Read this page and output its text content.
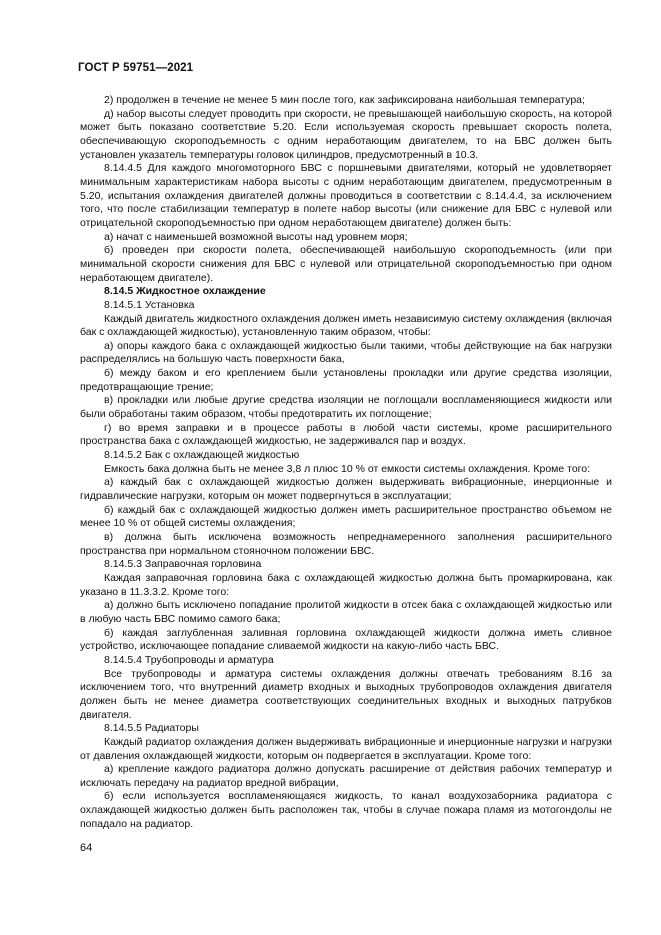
ГОСТ Р 59751—2021

2) продолжен в течение не менее 5 мин после того, как зафиксирована наибольшая температура;

д) набор высоты следует проводить при скорости, не превышающей наибольшую скорость, на которой может быть показано соответствие 5.20. Если используемая скорость превышает скорость полета, обеспечивающую скороподъемность с одним неработающим двигателем, то на БВС должен быть установлен указатель температуры головок цилиндров, предусмотренный в 10.3.

8.14.4.5 Для каждого многомоторного БВС с поршневыми двигателями, который не удовлетворяет минимальным характеристикам набора высоты с одним неработающим двигателем, предусмотренным в 5.20, испытания охлаждения двигателей должны проводиться в соответствии с 8.14.4.4, за исключением того, что после стабилизации температур в полете набор высоты (или снижение для БВС с нулевой или отрицательной скороподъемностью при одном неработающем двигателе) должен быть:

а) начат с наименьшей возможной высоты над уровнем моря;

б) проведен при скорости полета, обеспечивающей наибольшую скороподъемность (или при минимальной скорости снижения для БВС с нулевой или отрицательной скороподъемностью при одном неработающем двигателе).

8.14.5 Жидкостное охлаждение

8.14.5.1 Установка

Каждый двигатель жидкостного охлаждения должен иметь независимую систему охлаждения (включая бак с охлаждающей жидкостью), установленную таким образом, чтобы:

а) опоры каждого бака с охлаждающей жидкостью были такими, чтобы действующие на бак нагрузки распределялись на большую часть поверхности бака,

б) между баком и его креплением были установлены прокладки или другие средства изоляции, предотвращающие трение;

в) прокладки или любые другие средства изоляции не поглощали воспламеняющиеся жидкости или были обработаны таким образом, чтобы предотвратить их поглощение;

г) во время заправки и в процессе работы в любой части системы, кроме расширительного пространства бака с охлаждающей жидкостью, не задерживался пар и воздух.

8.14.5.2 Бак с охлаждающей жидкостью

Емкость бака должна быть не менее 3,8 л плюс 10 % от емкости системы охлаждения. Кроме того:

а) каждый бак с охлаждающей жидкостью должен выдерживать вибрационные, инерционные и гидравлические нагрузки, которым он может подвергнуться в эксплуатации;

б) каждый бак с охлаждающей жидкостью должен иметь расширительное пространство объемом не менее 10 % от общей системы охлаждения;

в) должна быть исключена возможность непреднамеренного заполнения расширительного пространства при нормальном стояночном положении БВС.

8.14.5.3 Заправочная горловина

Каждая заправочная горловина бака с охлаждающей жидкостью должна быть промаркирована, как указано в 11.3.3.2. Кроме того:

а) должно быть исключено попадание пролитой жидкости в отсек бака с охлаждающей жидкостью или в любую часть БВС помимо самого бака;

б) каждая заглубленная заливная горловина охлаждающей жидкости должна иметь сливное устройство, исключающее попадание сливаемой жидкости на какую-либо часть БВС.

8.14.5.4 Трубопроводы и арматура

Все трубопроводы и арматура системы охлаждения должны отвечать требованиям 8.16 за исключением того, что внутренний диаметр входных и выходных трубопроводов охлаждения двигателя должен быть не менее диаметра соответствующих соединительных входных и выходных патрубков двигателя.

8.14.5.5 Радиаторы

Каждый радиатор охлаждения должен выдерживать вибрационные и инерционные нагрузки и нагрузки от давления охлаждающей жидкости, которым он подвергается в эксплуатации. Кроме того:

а) крепление каждого радиатора должно допускать расширение от действия рабочих температур и исключать передачу на радиатор вредной вибрации,

б) если используется воспламеняющаяся жидкость, то канал воздухозаборника радиатора с охлаждающей жидкостью должен быть расположен так, чтобы в случае пожара пламя из мотогондолы не попадало на радиатор.

64
